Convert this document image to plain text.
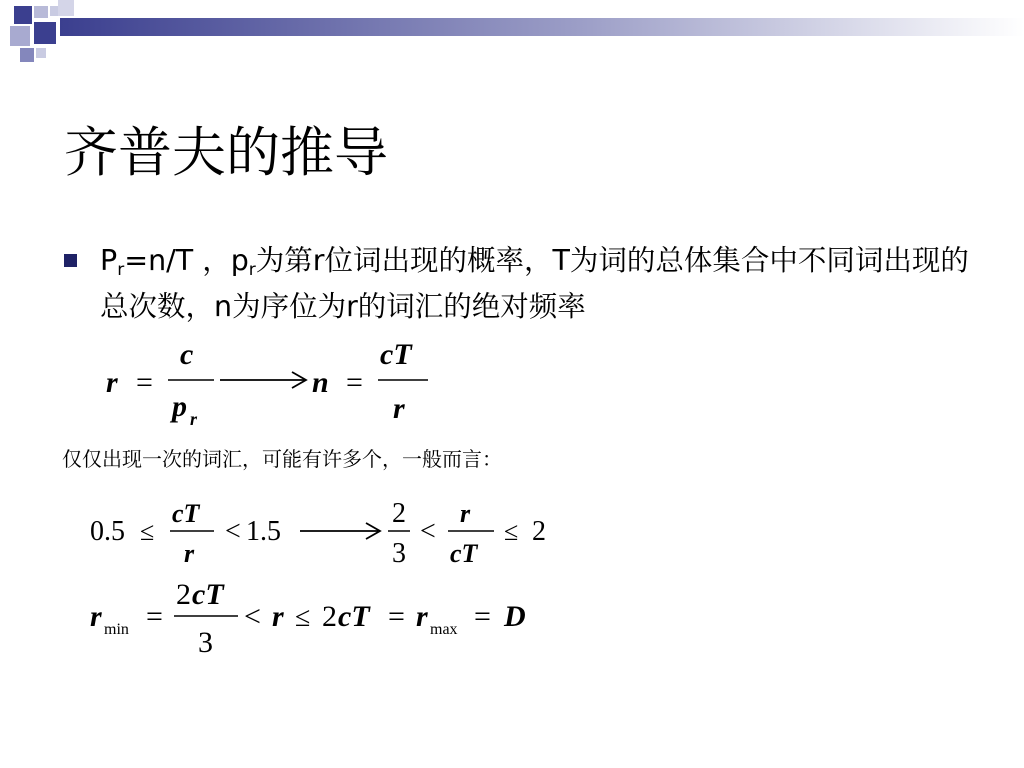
齐普夫的推导
$P_r=n/T$ ，$p_r$为第r位词出现的概率，T为词的总体集合中不同词出现的总次数，n为序位为r的词汇的绝对频率
r =
c
p r
n =
cT
r
仅仅出现一次的词汇，可能有许多个，一般而言：
0.5 ≤
cT
r
< 1.5
2
3
<
r
cT
≤ 2
r min =
2 cT
3
< r ≤ 2 cT = r max = D
